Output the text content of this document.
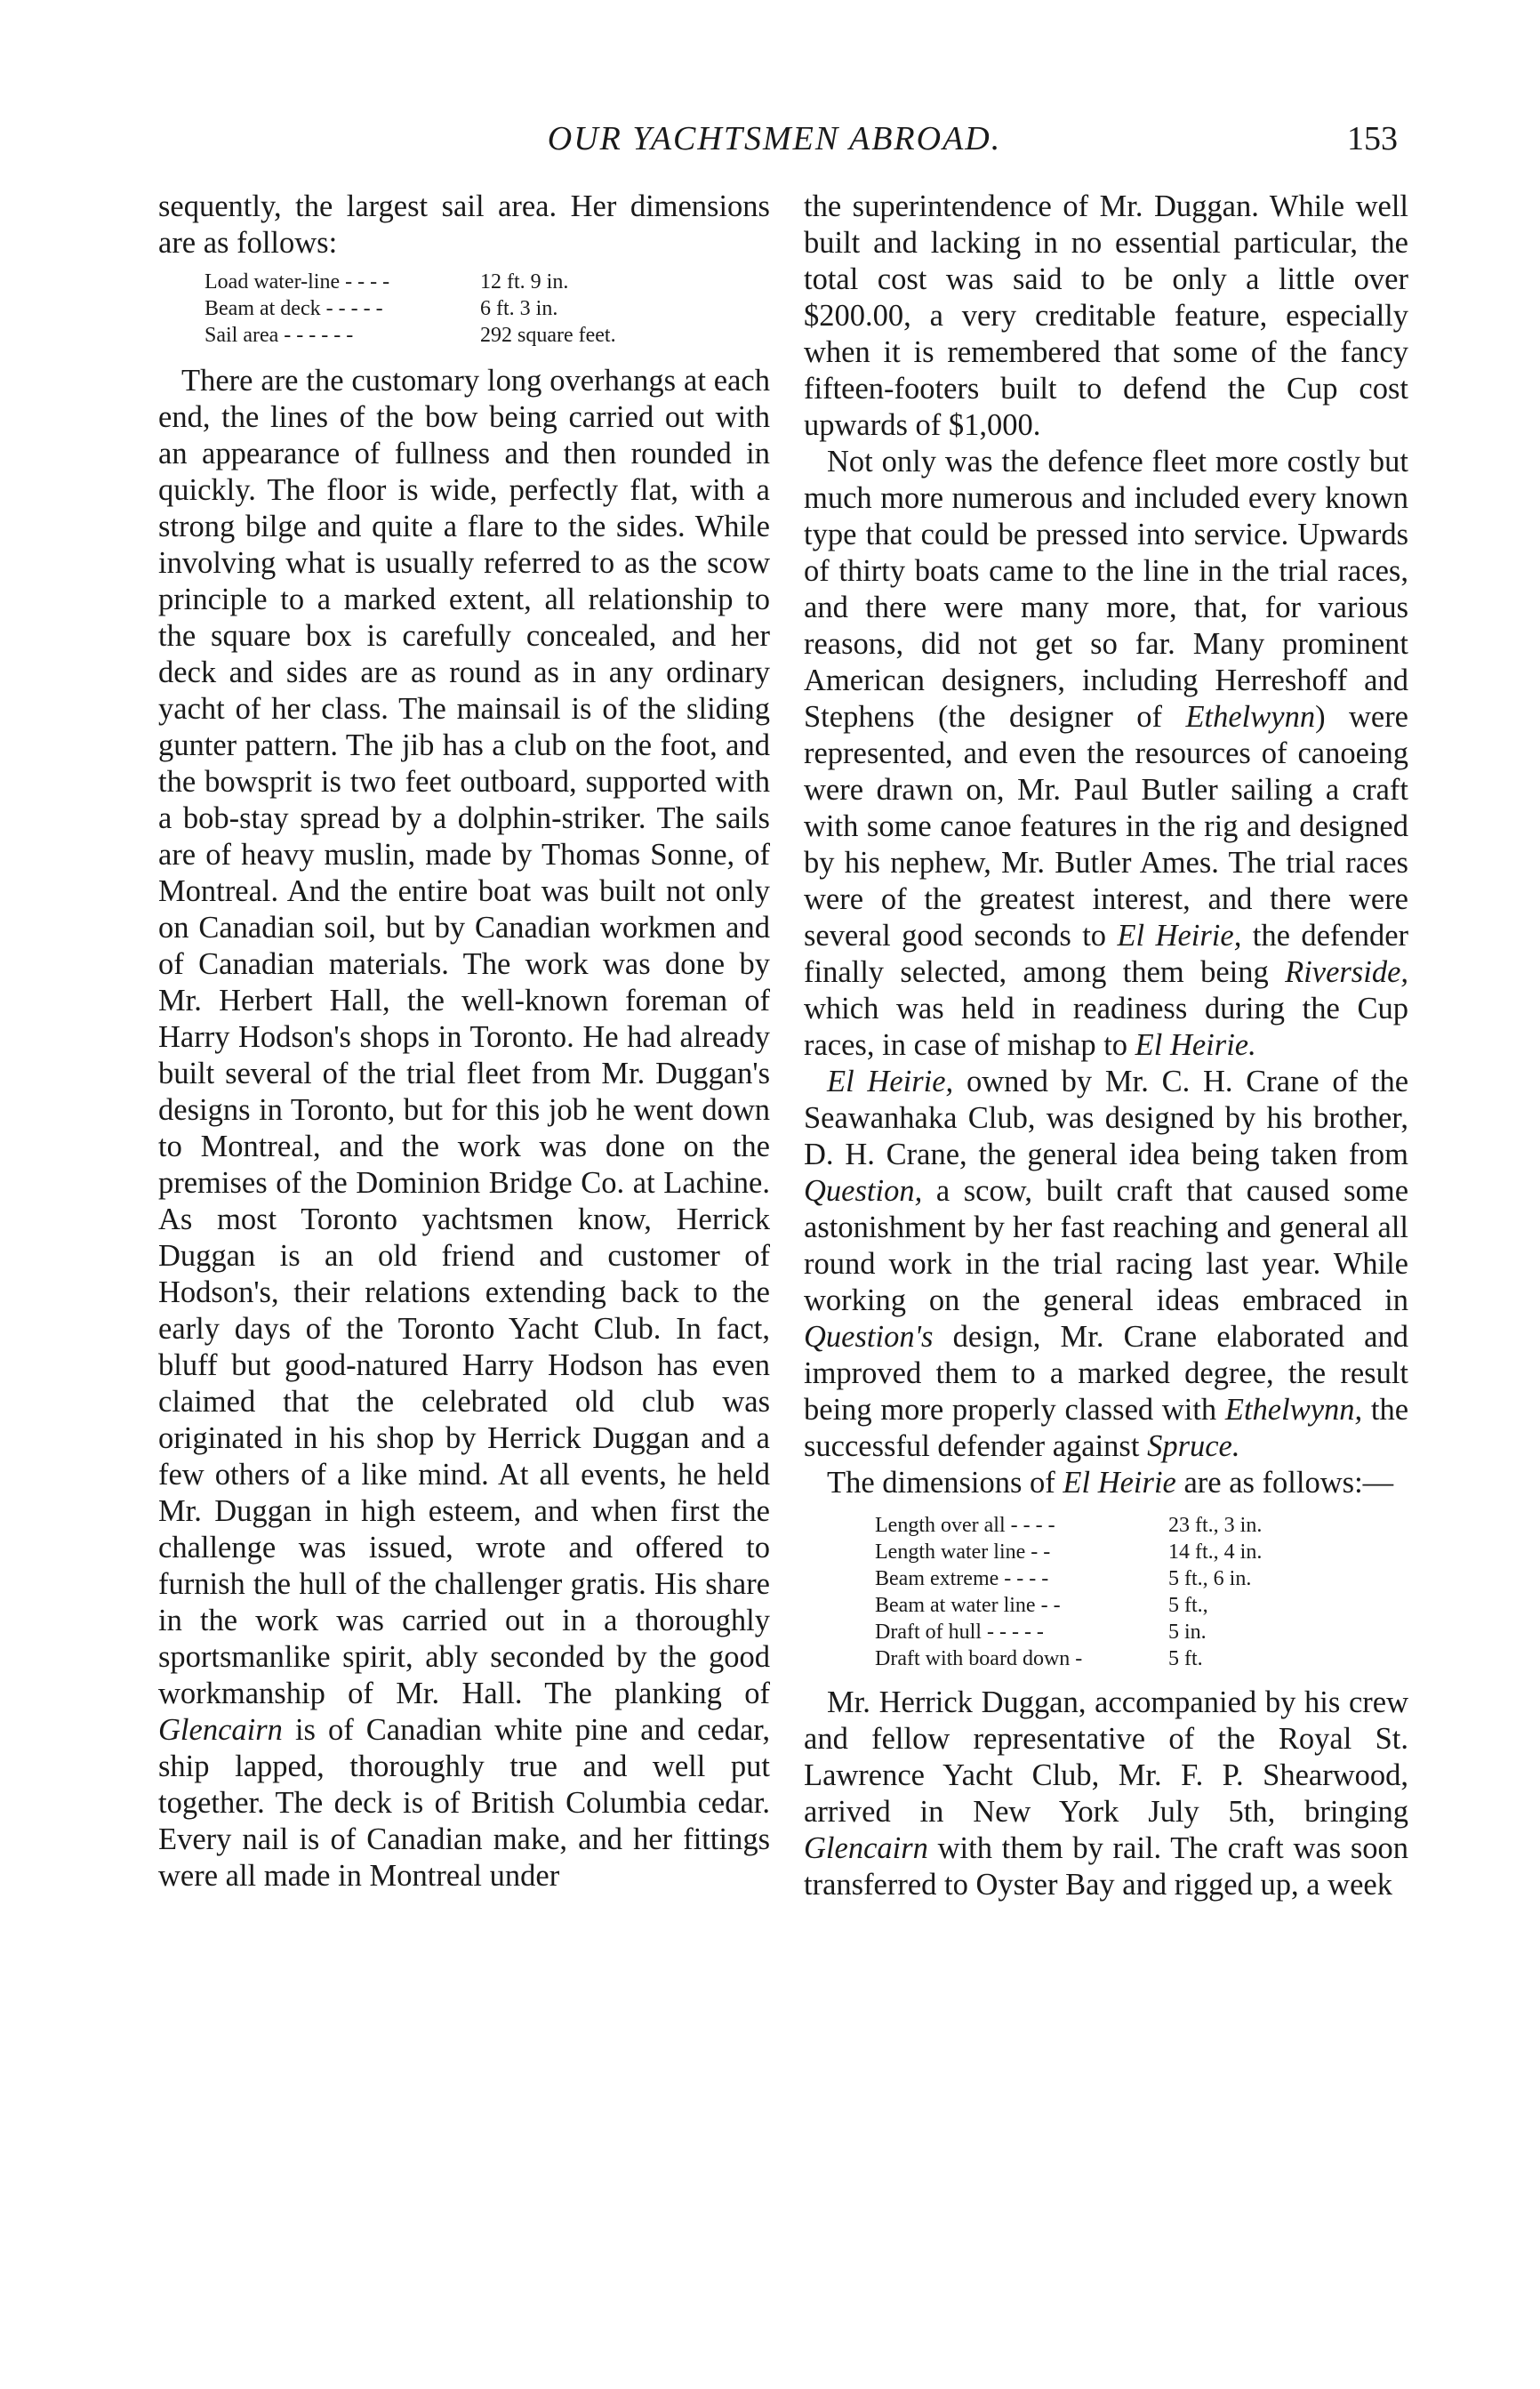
OUR YACHTSMEN ABROAD.	153

sequently, the largest sail area. Her dimensions are as follows:

Load water-line - - - -	12 ft. 9 in.
Beam at deck - - - - -	6 ft. 3 in.
Sail area - - - - - -	292 square feet.

There are the customary long overhangs at each end, the lines of the bow being carried out with an appearance of fullness and then rounded in quickly. The floor is wide, perfectly flat, with a strong bilge and quite a flare to the sides. While involving what is usually referred to as the scow principle to a marked extent, all relationship to the square box is carefully concealed, and her deck and sides are as round as in any ordinary yacht of her class. The mainsail is of the sliding gunter pattern. The jib has a club on the foot, and the bowsprit is two feet outboard, supported with a bob-stay spread by a dolphin-striker. The sails are of heavy muslin, made by Thomas Sonne, of Montreal. And the entire boat was built not only on Canadian soil, but by Canadian workmen and of Canadian materials. The work was done by Mr. Herbert Hall, the well-known foreman of Harry Hodson's shops in Toronto. He had already built several of the trial fleet from Mr. Duggan's designs in Toronto, but for this job he went down to Montreal, and the work was done on the premises of the Dominion Bridge Co. at Lachine. As most Toronto yachtsmen know, Herrick Duggan is an old friend and customer of Hodson's, their relations extending back to the early days of the Toronto Yacht Club. In fact, bluff but good-natured Harry Hodson has even claimed that the celebrated old club was originated in his shop by Herrick Duggan and a few others of a like mind. At all events, he held Mr. Duggan in high esteem, and when first the challenge was issued, wrote and offered to furnish the hull of the challenger gratis. His share in the work was carried out in a thoroughly sportsmanlike spirit, ably seconded by the good workmanship of Mr. Hall. The planking of Glencairn is of Canadian white pine and cedar, ship lapped, thoroughly true and well put together. The deck is of British Columbia cedar. Every nail is of Canadian make, and her fittings were all made in Montreal under

the superintendence of Mr. Duggan. While well built and lacking in no essential particular, the total cost was said to be only a little over $200.00, a very creditable feature, especially when it is remembered that some of the fancy fifteen-footers built to defend the Cup cost upwards of $1,000.

Not only was the defence fleet more costly but much more numerous and included every known type that could be pressed into service. Upwards of thirty boats came to the line in the trial races, and there were many more, that, for various reasons, did not get so far. Many prominent American designers, including Herreshoff and Stephens (the designer of Ethelwynn) were represented, and even the resources of canoeing were drawn on, Mr. Paul Butler sailing a craft with some canoe features in the rig and designed by his nephew, Mr. Butler Ames. The trial races were of the greatest interest, and there were several good seconds to El Heirie, the defender finally selected, among them being Riverside, which was held in readiness during the Cup races, in case of mishap to El Heirie.

El Heirie, owned by Mr. C. H. Crane of the Seawanhaka Club, was designed by his brother, D. H. Crane, the general idea being taken from Question, a scow, built craft that caused some astonishment by her fast reaching and general all round work in the trial racing last year. While working on the general ideas embraced in Question's design, Mr. Crane elaborated and improved them to a marked degree, the result being more properly classed with Ethelwynn, the successful defender against Spruce.

The dimensions of El Heirie are as follows:—

Length over all - - - -	23 ft., 3 in.
Length water line - -	14 ft., 4 in.
Beam extreme - - - -	5 ft., 6 in.
Beam at water line - -	5 ft.,
Draft of hull - - - - -	5 in.
Draft with board down -	5 ft.

Mr. Herrick Duggan, accompanied by his crew and fellow representative of the Royal St. Lawrence Yacht Club, Mr. F. P. Shearwood, arrived in New York July 5th, bringing Glencairn with them by rail. The craft was soon transferred to Oyster Bay and rigged up, a week
